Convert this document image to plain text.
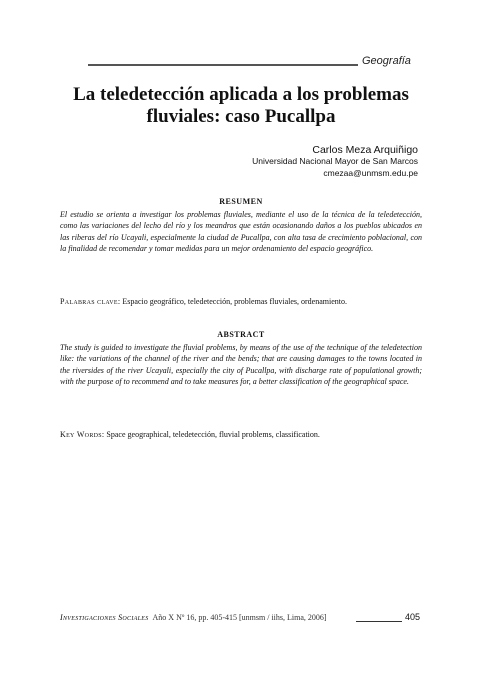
Geografía
La teledetección aplicada a los problemas fluviales: caso Pucallpa
Carlos Meza Arquiñigo
Universidad Nacional Mayor de San Marcos
cmezaa@unmsm.edu.pe
RESUMEN
El estudio se orienta a investigar los problemas fluviales, mediante el uso de la técnica de la teledetección, como las variaciones del lecho del río y los meandros que están ocasionando daños a los pueblos ubicados en las riberas del río Ucayali, especialmente la ciudad de Pucallpa, con alta tasa de crecimiento poblacional, con la finalidad de recomendar y tomar medidas para un mejor ordenamiento del espacio geográfico.
Palabras clave: Espacio geográfico, teledetección, problemas fluviales, ordenamiento.
ABSTRACT
The study is guided to investigate the fluvial problems, by means of the use of the technique of the teledetection like: the variations of the channel of the river and the bends; that are causing damages to the towns located in the riversides of the river Ucayali, especially the city of Pucallpa, with discharge rate of populational growth; with the purpose of to recommend and to take measures for, a better classification of the geographical space.
Key Words: Space geographical, teledetección, fluvial problems, classification.
Investigaciones Sociales Año X Nº 16, pp. 405-415 [unmsm / iihs, Lima, 2006]	405
